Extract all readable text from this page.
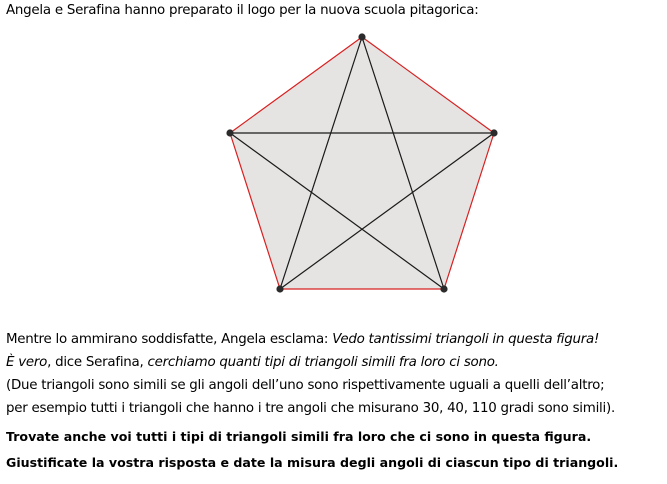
Angela e Serafina hanno preparato il logo per la nuova scuola pitagorica:
Mentre lo ammirano soddisfatte, Angela esclama: Vedo tantissimi triangoli in questa figura!
È vero, dice Serafina, cerchiamo quanti tipi di triangoli simili fra loro ci sono.
(Due triangoli sono simili se gli angoli dell’uno sono rispettivamente uguali a quelli dell’altro;
per esempio tutti i triangoli che hanno i tre angoli che misurano 30, 40, 110 gradi sono simili).
Trovate anche voi tutti i tipi di triangoli simili fra loro che ci sono in questa figura.
Giustificate la vostra risposta e date la misura degli angoli di ciascun tipo di triangoli.
